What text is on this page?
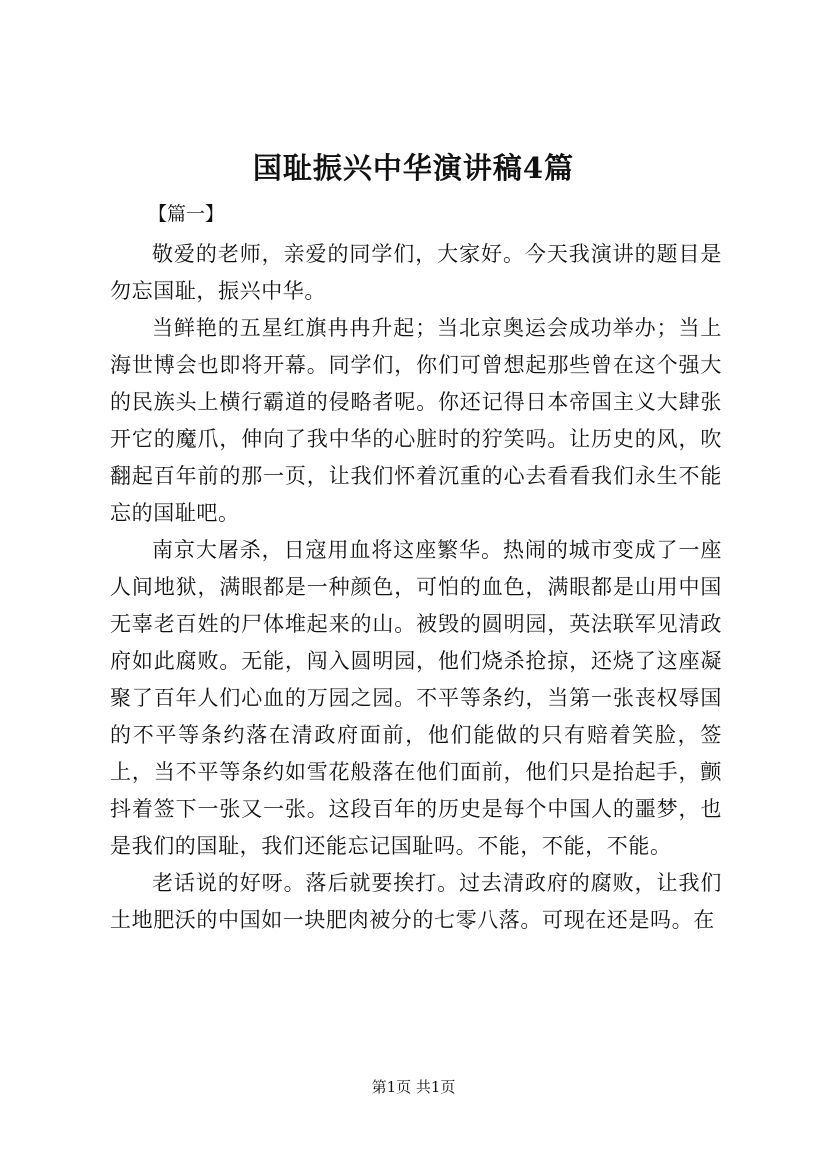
国耻振兴中华演讲稿4篇
【篇一】

敬爱的老师，亲爱的同学们，大家好。今天我演讲的题目是勿忘国耻，振兴中华。

当鲜艳的五星红旗冉冉升起；当北京奥运会成功举办；当上海世博会也即将开幕。同学们，你们可曾想起那些曾在这个强大的民族头上横行霸道的侵略者呢。你还记得日本帝国主义大肆张开它的魔爪，伸向了我中华的心脏时的狞笑吗。让历史的风，吹翻起百年前的那一页，让我们怀着沉重的心去看看我们永生不能忘的国耻吧。

南京大屠杀，日寇用血将这座繁华。热闹的城市变成了一座人间地狱，满眼都是一种颜色，可怕的血色，满眼都是山用中国无辜老百姓的尸体堆起来的山。被毁的圆明园，英法联军见清政府如此腐败。无能，闯入圆明园，他们烧杀抢掠，还烧了这座凝聚了百年人们心血的万园之园。不平等条约，当第一张丧权辱国的不平等条约落在清政府面前，他们能做的只有赔着笑脸，签上，当不平等条约如雪花般落在他们面前，他们只是抬起手，颤抖着签下一张又一张。这段百年的历史是每个中国人的噩梦，也是我们的国耻，我们还能忘记国耻吗。不能，不能，不能。

老话说的好呀。落后就要挨打。过去清政府的腐败，让我们土地肥沃的中国如一块肥肉被分的七零八落。可现在还是吗。在

第1页 共1页
